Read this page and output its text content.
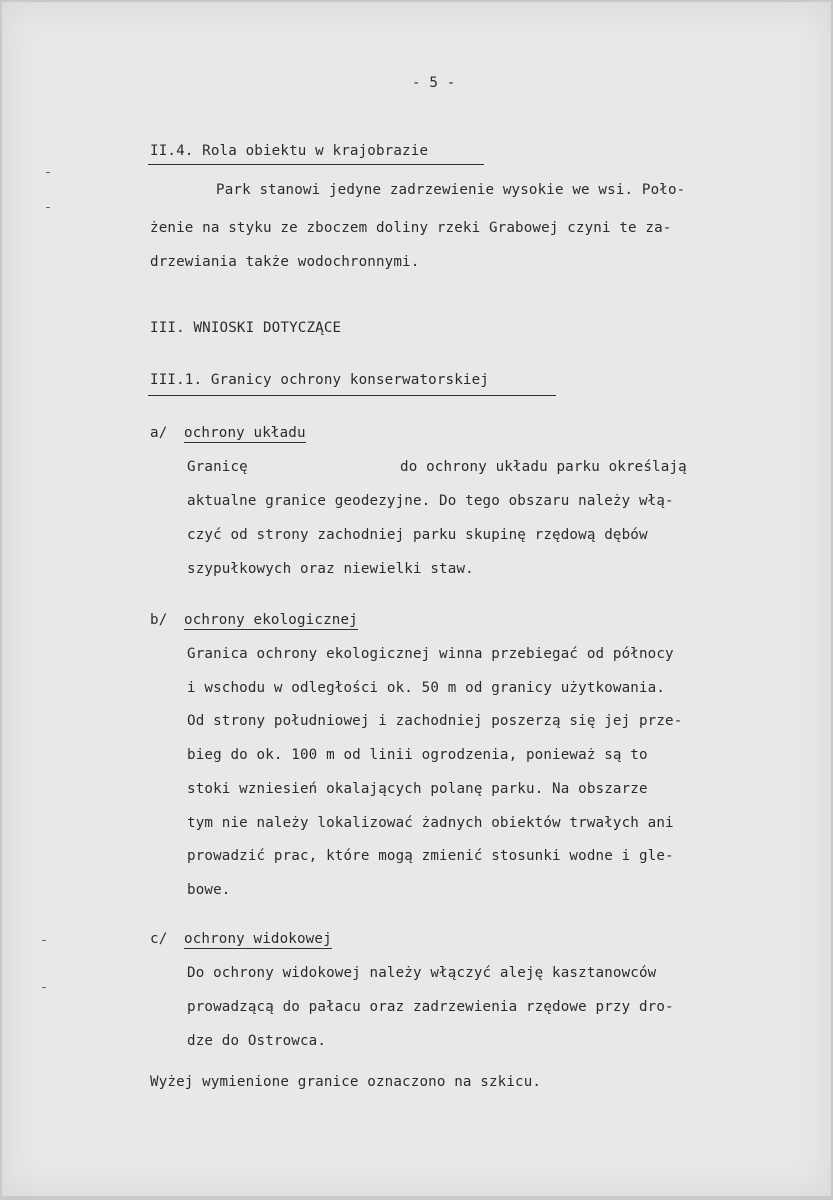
- 5 -
II.4. Rola obiektu w krajobrazie
Park stanowi jedyne zadrzewienie wysokie we wsi. Poło-
żenie na styku ze zboczem doliny rzeki Grabowej czyni te za-
drzewiania także wodochronnymi.
III. WNIOSKI DOTYCZĄCE
III.1. Granicy ochrony konserwatorskiej
a/ ochrony układu
Granicę	do ochrony układu parku określają
aktualne granice geodezyjne. Do tego obszaru należy włą-
czyć od strony zachodniej parku skupinę rzędową dębów
szypułkowych oraz niewielki staw.
b/ ochrony ekologicznej
Granica ochrony ekologicznej winna przebiegać od północy
i wschodu w odległości ok. 50 m od granicy użytkowania.
Od strony południowej i zachodniej poszerzą się jej prze-
bieg do ok. 100 m od linii ogrodzenia, ponieważ są to
stoki wzniesień okalających polanę parku. Na obszarze
tym nie należy lokalizować żadnych obiektów trwałych ani
prowadzić prac, które mogą zmienić stosunki wodne i gle-
bowe.
c/ ochrony widokowej
Do ochrony widokowej należy włączyć aleję kasztanowców
prowadzącą do pałacu oraz zadrzewienia rzędowe przy dro-
dze do Ostrowca.
Wyżej wymienione granice oznaczono na szkicu.
